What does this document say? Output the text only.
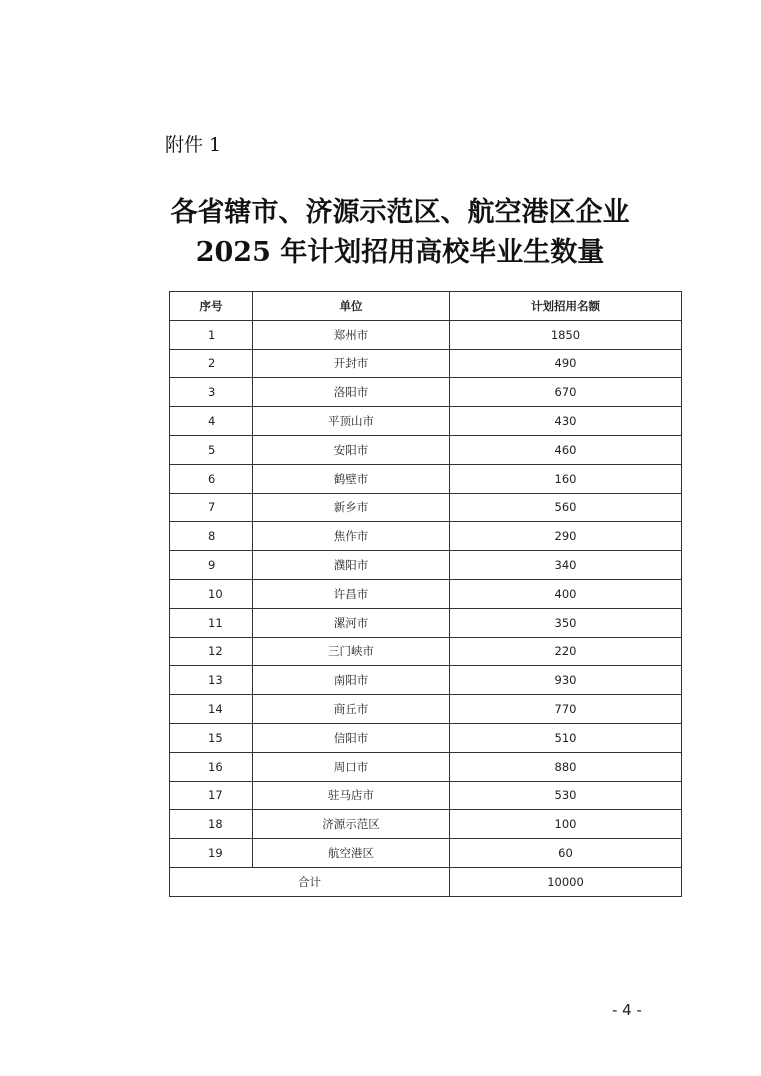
附件 1
各省辖市、济源示范区、航空港区企业
2025 年计划招用高校毕业生数量
序号	单位	计划招用名额
1	郑州市	1850
2	开封市	490
3	洛阳市	670
4	平顶山市	430
5	安阳市	460
6	鹤壁市	160
7	新乡市	560
8	焦作市	290
9	濮阳市	340
10	许昌市	400
11	漯河市	350
12	三门峡市	220
13	南阳市	930
14	商丘市	770
15	信阳市	510
16	周口市	880
17	驻马店市	530
18	济源示范区	100
19	航空港区	60
合计		10000
- 4 -
